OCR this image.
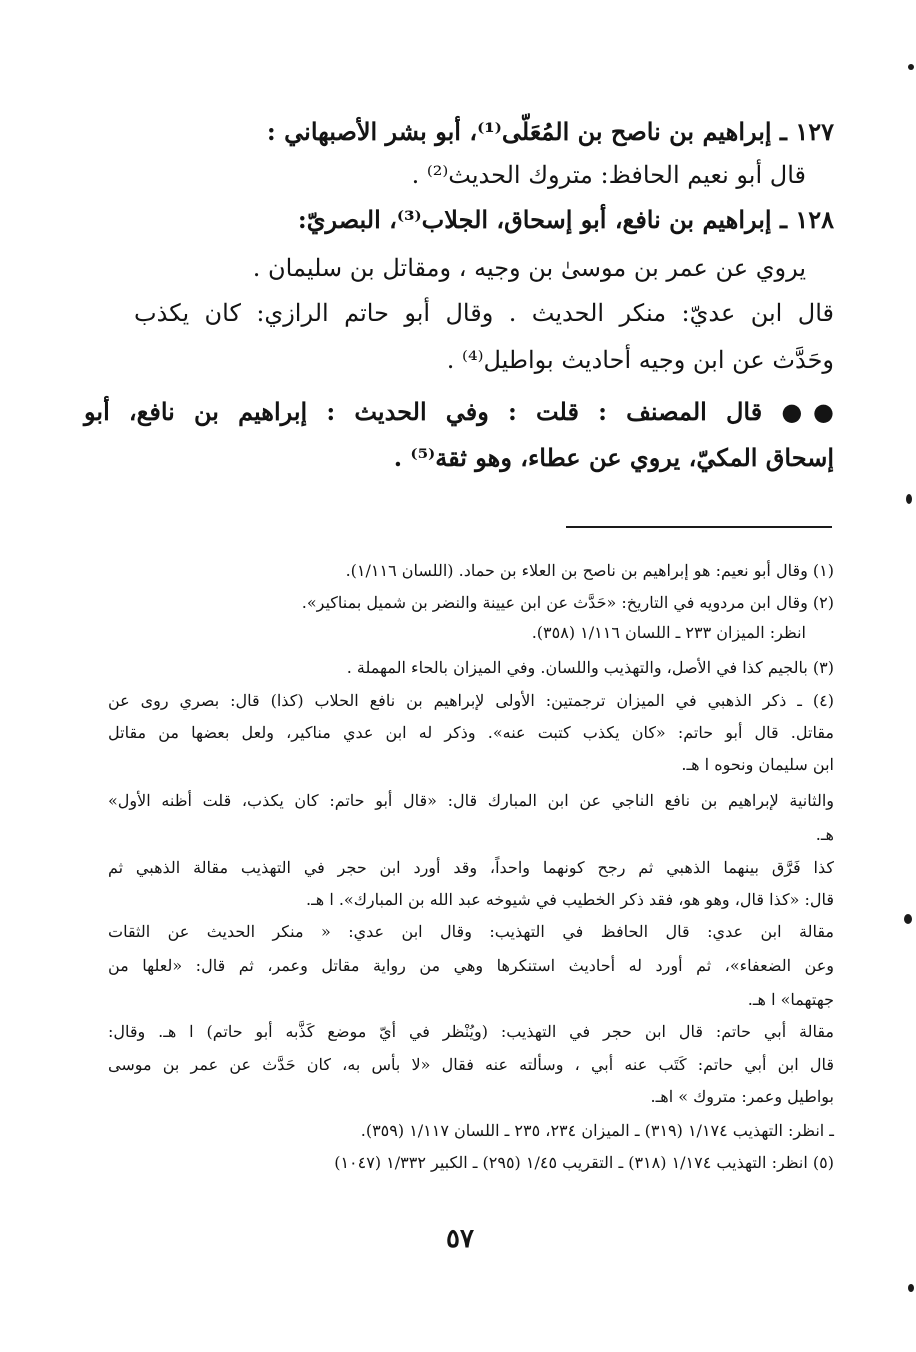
١٢٧ ـ إبراهيم بن ناصح بن المُعَلّى⁽¹⁾، أبو بشر الأصبهاني :
قال أبو نعيم الحافظ: متروك الحديث⁽²⁾ .
١٢٨ ـ إبراهيم بن نافع، أبو إسحاق، الجلاب⁽³⁾، البصريّ:
يروي عن عمر بن موسىٰ بن وجيه ، ومقاتل بن سليمان .
قال ابن عديّ: منكر الحديث . وقال أبو حاتم الرازي: كان يكذب
وحَدَّث عن ابن وجيه أحاديث بواطيل⁽⁴⁾ .
●● قال المصنف : قلت : وفي الحديث : إبراهيم بن نافع، أبو
إسحاق المكيّ، يروي عن عطاء، وهو ثقة⁽⁵⁾ .
(١) وقال أبو نعيم: هو إبراهيم بن ناصح بن العلاء بن حماد. (اللسان ١/١١٦).
(٢) وقال ابن مردويه في التاريخ: «حَدَّث عن ابن عيينة والنضر بن شميل بمناكير».
انظر: الميزان ٢٣٣ ـ اللسان ١/١١٦ (٣٥٨).
(٣) بالجيم كذا في الأصل، والتهذيب واللسان. وفي الميزان بالحاء المهملة .
(٤) ـ ذكر الذهبي في الميزان ترجمتين: الأولى لإبراهيم بن نافع الحلاب (كذا) قال: بصري روى عن
مقاتل. قال أبو حاتم: «كان يكذب كتبت عنه». وذكر له ابن عدي مناكير، ولعل بعضها من مقاتل
ابن سليمان ونحوه ا هـ.
والثانية لإبراهيم بن نافع الناجي عن ابن المبارك قال: «قال أبو حاتم: كان يكذب، قلت أظنه الأول»
هـ.
كذا فَرَّق بينهما الذهبي ثم رجح كونهما واحداً، وقد أورد ابن حجر في التهذيب مقالة الذهبي ثم
قال: «كذا قال، وهو هو، فقد ذكر الخطيب في شيوخه عبد الله بن المبارك». ا هـ.
مقالة ابن عدي: قال الحافظ في التهذيب: وقال ابن عدي: « منكر الحديث عن الثقات
وعن الضعفاء»، ثم أورد له أحاديث استنكرها وهي من رواية مقاتل وعمر، ثم قال: «لعلها من
جهتهما» ا هـ.
مقالة أبي حاتم: قال ابن حجر في التهذيب: (ويُنْظر في أيّ موضع كَذَّبه أبو حاتم) ا هـ. وقال:
قال ابن أبي حاتم: كَتَب عنه أبي ، وسألته عنه فقال «لا بأس به، كان حَدَّث عن عمر بن موسى
بواطيل وعمر: متروك » اهـ.
ـ انظر: التهذيب ١/١٧٤ (٣١٩) ـ الميزان ٢٣٤، ٢٣٥ ـ اللسان ١/١١٧ (٣٥٩).
(٥) انظر: التهذيب ١/١٧٤ (٣١٨) ـ التقريب ١/٤٥ (٢٩٥) ـ الكبير ١/٣٣٢ (١٠٤٧)
٥٧
